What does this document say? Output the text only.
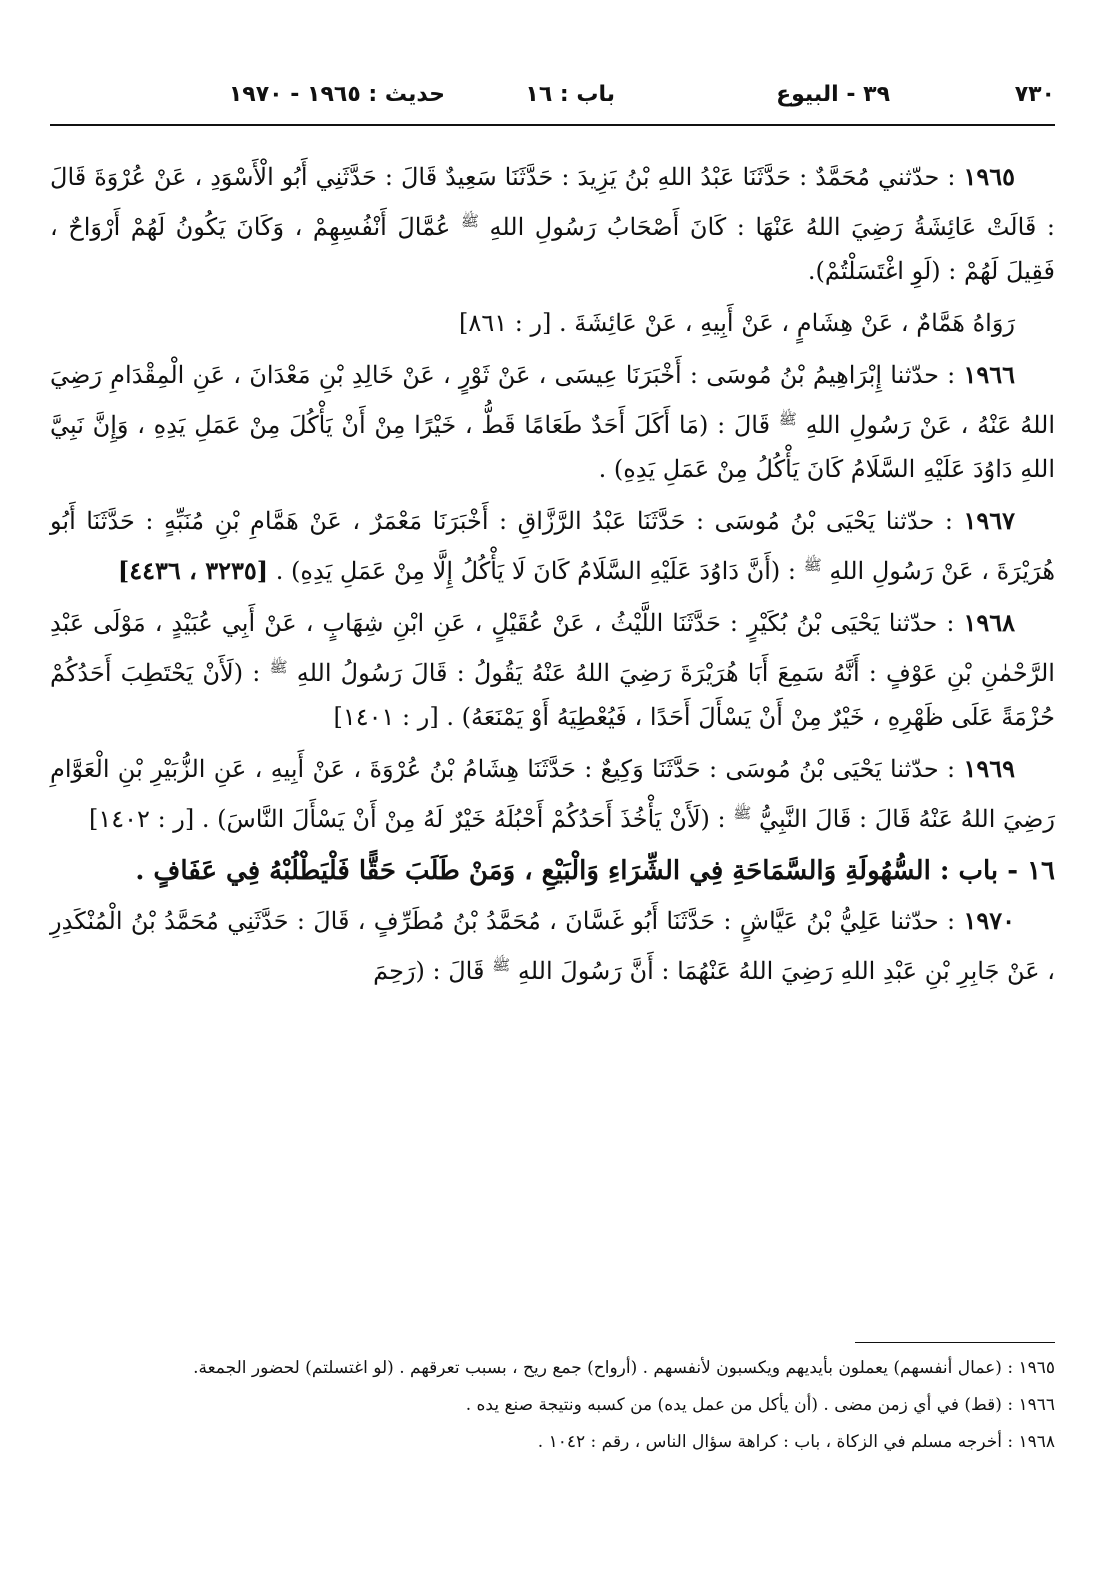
٧٣٠
٣٩ - البيوع
باب : ١٦
حديث : ١٩٦٥ - ١٩٧٠

١٩٦٥ : حدّثني مُحَمَّدٌ : حَدَّثَنَا عَبْدُ اللهِ بْنُ يَزِيدَ : حَدَّثَنَا سَعِيدٌ قَالَ : حَدَّثَنِي أَبُو الْأَسْوَدِ ، عَنْ عُرْوَةَ قَالَ : قَالَتْ عَائِشَةُ رَضِيَ اللهُ عَنْهَا : كَانَ أَصْحَابُ رَسُولِ اللهِ $^ﷺ$ عُمَّالَ أَنْفُسِهِمْ ، وَكَانَ يَكُونُ لَهُمْ أَرْوَاحٌ ، فَقِيلَ لَهُمْ : (لَوِ اغْتَسَلْتُمْ).

رَوَاهُ هَمَّامٌ ، عَنْ هِشَامٍ ، عَنْ أَبِيهِ ، عَنْ عَائِشَةَ . [ر : ٨٦١]

١٩٦٦ : حدّثنا إِبْرَاهِيمُ بْنُ مُوسَى : أَخْبَرَنَا عِيسَى ، عَنْ ثَوْرٍ ، عَنْ خَالِدِ بْنِ مَعْدَانَ ، عَنِ الْمِقْدَامِ رَضِيَ اللهُ عَنْهُ ، عَنْ رَسُولِ اللهِ $^ﷺ$ قَالَ : (مَا أَكَلَ أَحَدٌ طَعَامًا قَطُّ ، خَيْرًا مِنْ أَنْ يَأْكُلَ مِنْ عَمَلِ يَدِهِ ، وَإِنَّ نَبِيَّ اللهِ دَاوُدَ عَلَيْهِ السَّلَامُ كَانَ يَأْكُلُ مِنْ عَمَلِ يَدِهِ) .

١٩٦٧ : حدّثنا يَحْيَى بْنُ مُوسَى : حَدَّثَنَا عَبْدُ الرَّزَّاقِ : أَخْبَرَنَا مَعْمَرٌ ، عَنْ هَمَّامِ بْنِ مُنَبِّهٍ : حَدَّثَنَا أَبُو هُرَيْرَةَ ، عَنْ رَسُولِ اللهِ $^ﷺ$ : (أَنَّ دَاوُدَ عَلَيْهِ السَّلَامُ كَانَ لَا يَأْكُلُ إِلَّا مِنْ عَمَلِ يَدِهِ) . [٣٢٣٥ ، ٤٤٣٦]

١٩٦٨ : حدّثنا يَحْيَى بْنُ بُكَيْرٍ : حَدَّثَنَا اللَّيْثُ ، عَنْ عُقَيْلٍ ، عَنِ ابْنِ شِهَابٍ ، عَنْ أَبِي عُبَيْدٍ ، مَوْلَى عَبْدِ الرَّحْمٰنِ بْنِ عَوْفٍ : أَنَّهُ سَمِعَ أَبَا هُرَيْرَةَ رَضِيَ اللهُ عَنْهُ يَقُولُ : قَالَ رَسُولُ اللهِ $^ﷺ$ : (لَأَنْ يَحْتَطِبَ أَحَدُكُمْ حُزْمَةً عَلَى ظَهْرِهِ ، خَيْرٌ مِنْ أَنْ يَسْأَلَ أَحَدًا ، فَيُعْطِيَهُ أَوْ يَمْنَعَهُ) . [ر : ١٤٠١]

١٩٦٩ : حدّثنا يَحْيَى بْنُ مُوسَى : حَدَّثَنَا وَكِيعٌ : حَدَّثَنَا هِشَامُ بْنُ عُرْوَةَ ، عَنْ أَبِيهِ ، عَنِ الزُّبَيْرِ بْنِ الْعَوَّامِ رَضِيَ اللهُ عَنْهُ قَالَ : قَالَ النَّبِيُّ $^ﷺ$ : (لَأَنْ يَأْخُذَ أَحَدُكُمْ أَحْبُلَهُ خَيْرٌ لَهُ مِنْ أَنْ يَسْأَلَ النَّاسَ) . [ر : ١٤٠٢]

١٦ - باب : السُّهُولَةِ وَالسَّمَاحَةِ فِي الشِّرَاءِ وَالْبَيْعِ ، وَمَنْ طَلَبَ حَقًّا فَلْيَطْلُبْهُ فِي عَفَافٍ .

١٩٧٠ : حدّثنا عَلِيُّ بْنُ عَيَّاشٍ : حَدَّثَنَا أَبُو غَسَّانَ ، مُحَمَّدُ بْنُ مُطَرِّفٍ ، قَالَ : حَدَّثَنِي مُحَمَّدُ بْنُ الْمُنْكَدِرِ ، عَنْ جَابِرِ بْنِ عَبْدِ اللهِ رَضِيَ اللهُ عَنْهُمَا : أَنَّ رَسُولَ اللهِ $^ﷺ$ قَالَ : (رَحِمَ

١٩٦٥ : (عمال أنفسهم) يعملون بأيديهم ويكسبون لأنفسهم . (أرواح) جمع ريح ، بسبب تعرقهم . (لو اغتسلتم) لحضور الجمعة.

١٩٦٦ : (قط) في أي زمن مضى . (أن يأكل من عمل يده) من كسبه ونتيجة صنع يده .

١٩٦٨ : أخرجه مسلم في الزكاة ، باب : كراهة سؤال الناس ، رقم : ١٠٤٢ .
